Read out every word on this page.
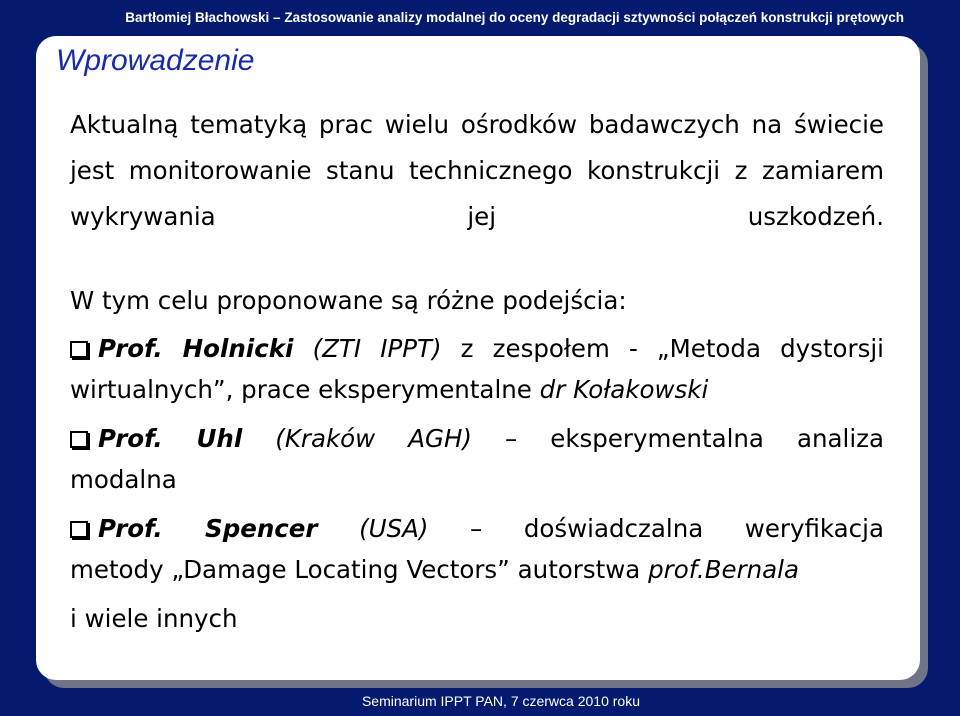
Bartłomiej Błachowski – Zastosowanie analizy modalnej do oceny degradacji sztywności połączeń konstrukcji prętowych
Wprowadzenie
Aktualną tematyką prac wielu ośrodków badawczych na świecie jest monitorowanie stanu technicznego konstrukcji z zamiarem wykrywania jej uszkodzeń.
W tym celu proponowane są różne podejścia:
Prof. Holnicki (ZTI IPPT) z zespołem - „Metoda dystorsji
wirtualnych”, prace eksperymentalne dr Kołakowski
Prof. Uhl (Kraków AGH) – eksperymentalna analiza
modalna
Prof. Spencer (USA) – doświadczalna weryfikacja
metody „Damage Locating Vectors” autorstwa prof.Bernala
i wiele innych
Seminarium IPPT PAN, 7 czerwca 2010 roku
